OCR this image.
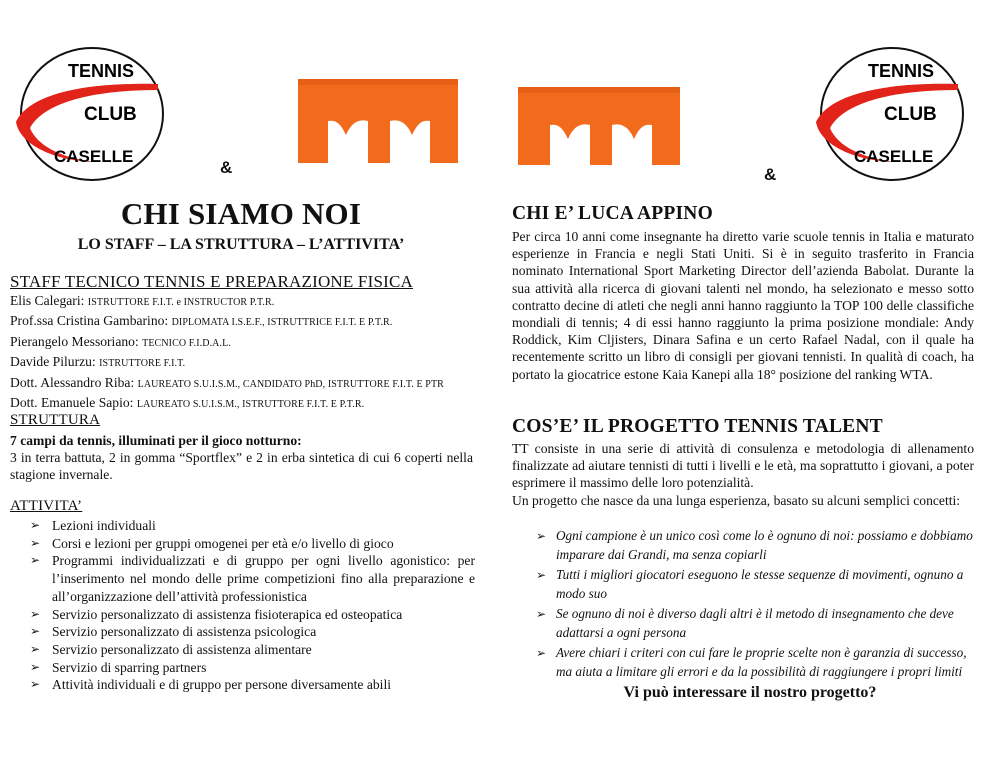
TENNIS
CLUB
CASELLE
&
TENNIS
CLUB
CASELLE
&
CHI SIAMO NOI
LO STAFF – LA STRUTTURA – L’ATTIVITA’
STAFF TECNICO TENNIS E PREPARAZIONE FISICA
Elis Calegari: ISTRUTTORE F.I.T. e INSTRUCTOR P.T.R.
Prof.ssa Cristina Gambarino: DIPLOMATA I.S.E.F., ISTRUTTRICE F.I.T. E P.T.R.
Pierangelo Messoriano: TECNICO F.I.D.A.L.
Davide Pilurzu: ISTRUTTORE F.I.T.
Dott. Alessandro Riba: LAUREATO S.U.I.S.M., CANDIDATO PhD, ISTRUTTORE F.I.T. E PTR
Dott. Emanuele Sapio: LAUREATO S.U.I.S.M., ISTRUTTORE F.I.T. E P.T.R.
STRUTTURA
7 campi da tennis, illuminati per il gioco notturno:
3 in terra battuta, 2 in gomma “Sportflex” e 2 in erba sintetica di cui 6 coperti nella stagione invernale.
ATTIVITA’
➢ Lezioni individuali
➢ Corsi e lezioni per gruppi omogenei per età e/o livello di gioco
➢ Programmi individualizzati e di gruppo per ogni livello agonistico: per l’inserimento nel mondo delle prime competizioni fino alla preparazione e all’organizzazione dell’attività professionistica
➢ Servizio personalizzato di assistenza fisioterapica ed osteopatica
➢ Servizio personalizzato di assistenza psicologica
➢ Servizio personalizzato di assistenza alimentare
➢ Servizio di sparring partners
➢ Attività individuali e di gruppo per persone diversamente abili
CHI E’ LUCA APPINO
Per circa 10 anni come insegnante ha diretto varie scuole tennis in Italia e maturato esperienze in Francia e negli Stati Uniti. Si è in seguito trasferito in Francia nominato International Sport Marketing Director dell’azienda Babolat. Durante la sua attività alla ricerca di giovani talenti nel mondo, ha selezionato e messo sotto contratto decine di atleti che negli anni hanno raggiunto la TOP 100 delle classifiche mondiali di tennis; 4 di essi hanno raggiunto la prima posizione mondiale: Andy Roddick, Kim Cljisters, Dinara Safina e un certo Rafael Nadal, con il quale ha recentemente scritto un libro di consigli per giovani tennisti. In qualità di coach, ha portato la giocatrice estone Kaia Kanepi alla 18° posizione del ranking WTA.
COS’E’ IL PROGETTO TENNIS TALENT
TT consiste in una serie di attività di consulenza e metodologia di allenamento finalizzate ad aiutare tennisti di tutti i livelli e le età, ma soprattutto i giovani, a poter esprimere il massimo delle loro potenzialità.
Un progetto che nasce da una lunga esperienza, basato su alcuni semplici concetti:
➢ Ogni campione è un unico così come lo è ognuno di noi: possiamo e dobbiamo imparare dai Grandi, ma senza copiarli
➢ Tutti i migliori giocatori eseguono le stesse sequenze di movimenti, ognuno a modo suo
➢ Se ognuno di noi è diverso dagli altri è il metodo di insegnamento che deve adattarsi a ogni persona
➢ Avere chiari i criteri con cui fare le proprie scelte non è garanzia di successo, ma aiuta a limitare gli errori e da la possibilità di raggiungere i propri limiti
Vi può interessare il nostro progetto?
